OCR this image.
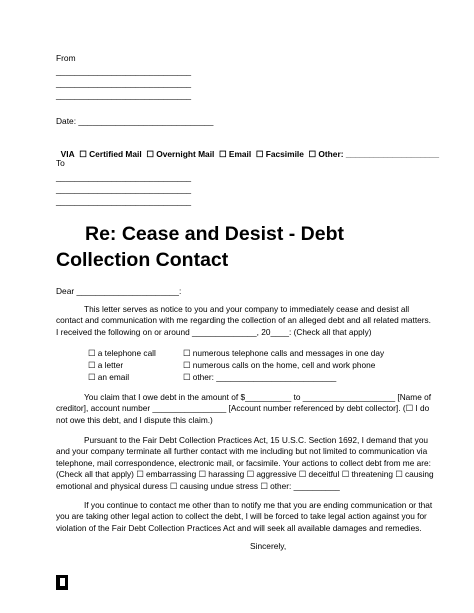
From
_____________________________
_____________________________
_____________________________
Date: _____________________________

VIA ☐ Certified Mail ☐ Overnight Mail ☐ Email ☐ Facsimile ☐ Other: ____________________

To
_____________________________
_____________________________
_____________________________
Re: Cease and Desist - Debt
Collection Contact
Dear ______________________:
This letter serves as notice to you and your company to immediately cease and desist all contact and communication with me regarding the collection of an alleged debt and all related matters. I received the following on or around ______________, 20____: (Check all that apply)
☐ a telephone call
☐ a letter
☐ an email
☐ numerous telephone calls and messages in one day
☐ numerous calls on the home, cell and work phone
☐ other: __________________________
You claim that I owe debt in the amount of $__________ to ____________________ [Name of creditor], account number ________________ [Account number referenced by debt collector]. (☐ I do not owe this debt, and I dispute this claim.)
Pursuant to the Fair Debt Collection Practices Act, 15 U.S.C. Section 1692, I demand that you and your company terminate all further contact with me including but not limited to communication via telephone, mail correspondence, electronic mail, or facsimile. Your actions to collect debt from me are: (Check all that apply) ☐ embarrassing ☐ harassing ☐ aggressive ☐ deceitful ☐ threatening ☐ causing emotional and physical duress ☐ causing undue stress ☐ other: __________
If you continue to contact me other than to notify me that you are ending communication or that you are taking other legal action to collect the debt, I will be forced to take legal action against you for violation of the Fair Debt Collection Practices Act and will seek all available damages and remedies.
Sincerely,
